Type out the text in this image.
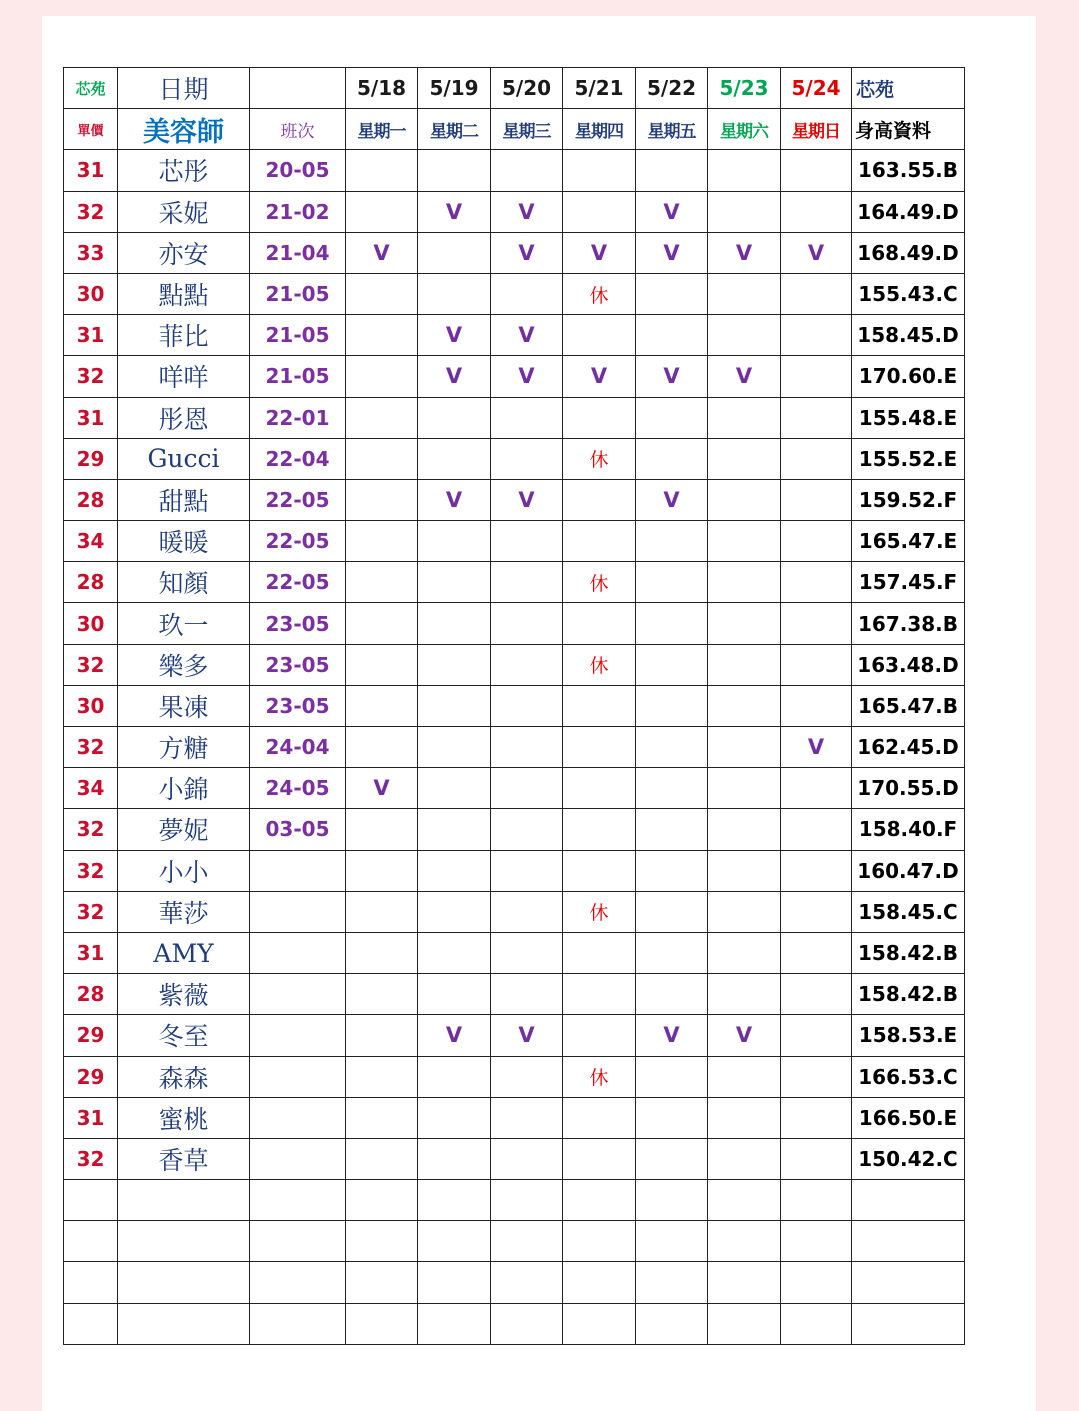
芯苑	日期		5/18	5/19	5/20	5/21	5/22	5/23	5/24	芯苑
單價	美容師	班次	星期一	星期二	星期三	星期四	星期五	星期六	星期日	身高資料
31	芯彤	20-05								163.55.B
32	采妮	21-02		V	V		V			164.49.D
33	亦安	21-04	V		V	V	V	V	V	168.49.D
30	點點	21-05				休				155.43.C
31	菲比	21-05		V	V					158.45.D
32	咩咩	21-05		V	V	V	V	V		170.60.E
31	彤恩	22-01								155.48.E
29	Gucci	22-04				休				155.52.E
28	甜點	22-05		V	V		V			159.52.F
34	暖暖	22-05								165.47.E
28	知顏	22-05				休				157.45.F
30	玖一	23-05								167.38.B
32	樂多	23-05				休				163.48.D
30	果凍	23-05								165.47.B
32	方糖	24-04							V	162.45.D
34	小錦	24-05	V							170.55.D
32	夢妮	03-05								158.40.F
32	小小									160.47.D
32	華莎					休				158.45.C
31	AMY									158.42.B
28	紫薇									158.42.B
29	冬至			V	V		V	V		158.53.E
29	森森					休				166.53.C
31	蜜桃									166.50.E
32	香草									150.42.C
